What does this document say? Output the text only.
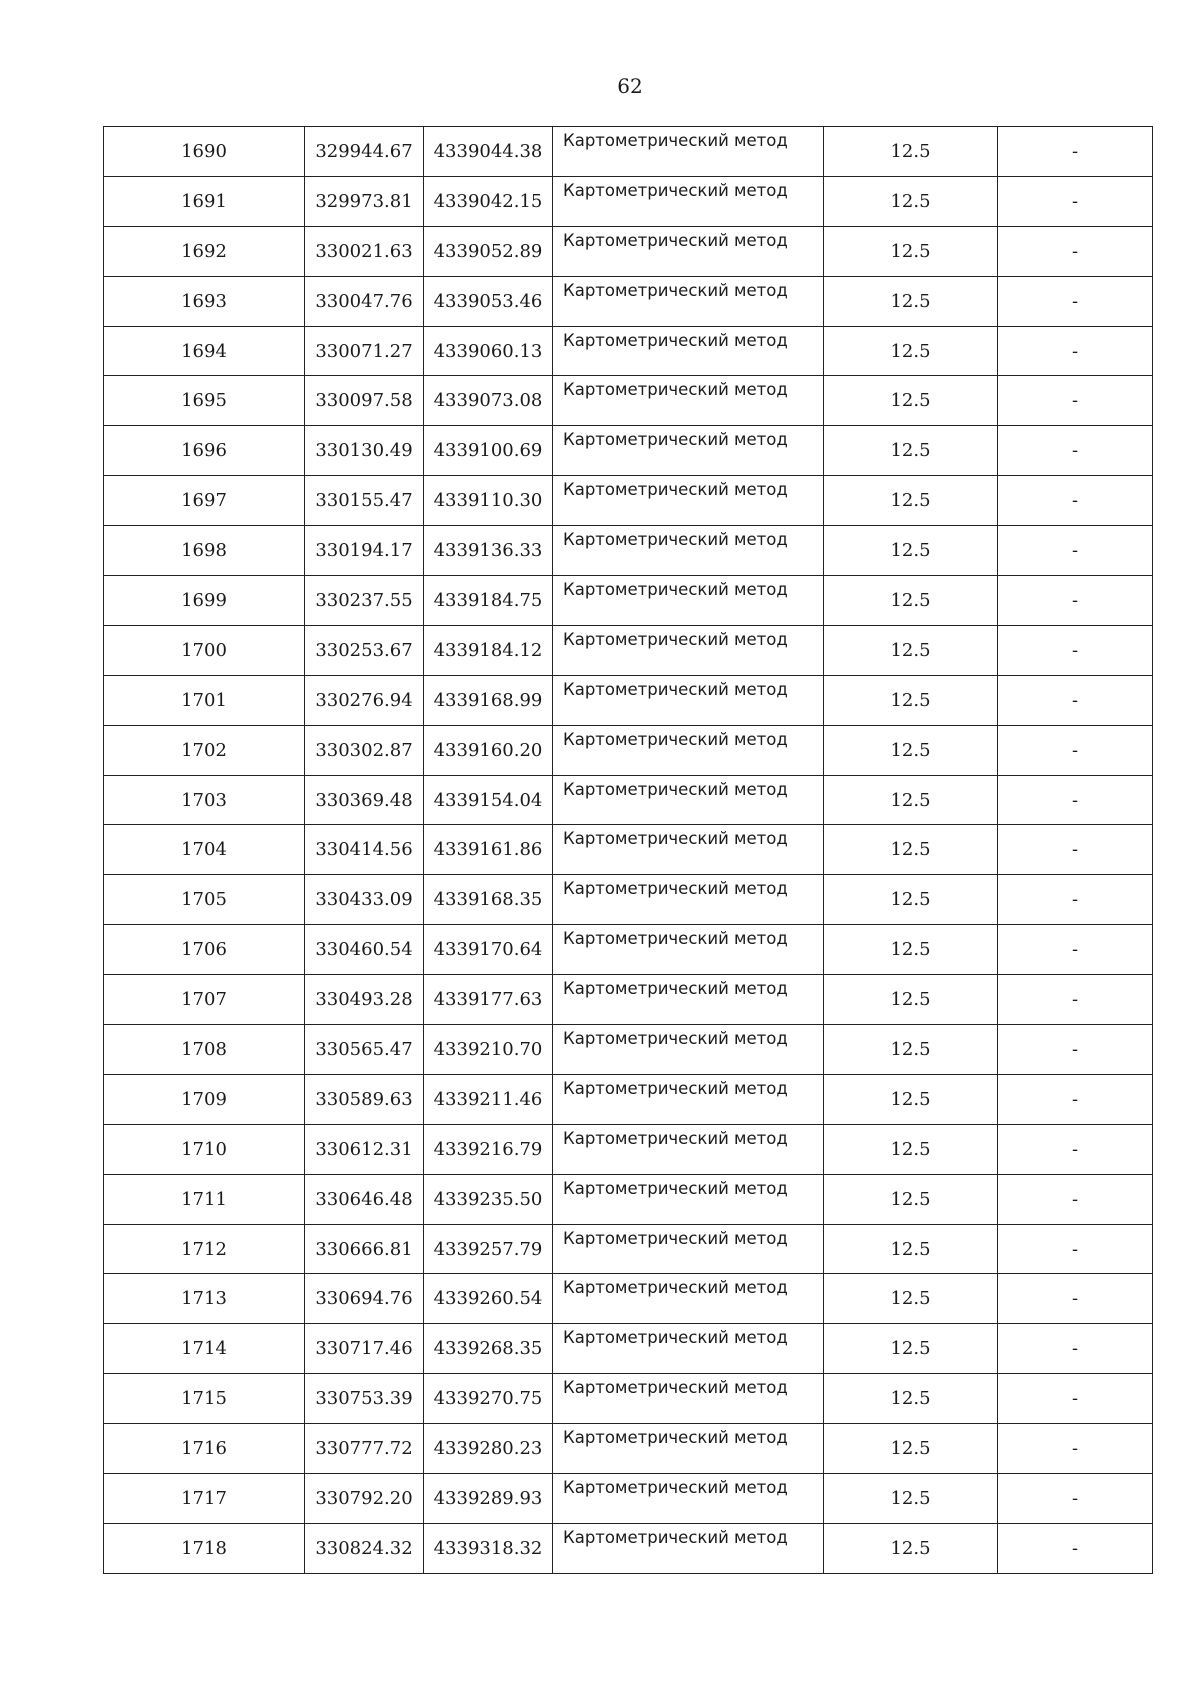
62
1690	329944.67	4339044.38	Картометрический метод	12.5	-
1691	329973.81	4339042.15	Картометрический метод	12.5	-
1692	330021.63	4339052.89	Картометрический метод	12.5	-
1693	330047.76	4339053.46	Картометрический метод	12.5	-
1694	330071.27	4339060.13	Картометрический метод	12.5	-
1695	330097.58	4339073.08	Картометрический метод	12.5	-
1696	330130.49	4339100.69	Картометрический метод	12.5	-
1697	330155.47	4339110.30	Картометрический метод	12.5	-
1698	330194.17	4339136.33	Картометрический метод	12.5	-
1699	330237.55	4339184.75	Картометрический метод	12.5	-
1700	330253.67	4339184.12	Картометрический метод	12.5	-
1701	330276.94	4339168.99	Картометрический метод	12.5	-
1702	330302.87	4339160.20	Картометрический метод	12.5	-
1703	330369.48	4339154.04	Картометрический метод	12.5	-
1704	330414.56	4339161.86	Картометрический метод	12.5	-
1705	330433.09	4339168.35	Картометрический метод	12.5	-
1706	330460.54	4339170.64	Картометрический метод	12.5	-
1707	330493.28	4339177.63	Картометрический метод	12.5	-
1708	330565.47	4339210.70	Картометрический метод	12.5	-
1709	330589.63	4339211.46	Картометрический метод	12.5	-
1710	330612.31	4339216.79	Картометрический метод	12.5	-
1711	330646.48	4339235.50	Картометрический метод	12.5	-
1712	330666.81	4339257.79	Картометрический метод	12.5	-
1713	330694.76	4339260.54	Картометрический метод	12.5	-
1714	330717.46	4339268.35	Картометрический метод	12.5	-
1715	330753.39	4339270.75	Картометрический метод	12.5	-
1716	330777.72	4339280.23	Картометрический метод	12.5	-
1717	330792.20	4339289.93	Картометрический метод	12.5	-
1718	330824.32	4339318.32	Картометрический метод	12.5	-
